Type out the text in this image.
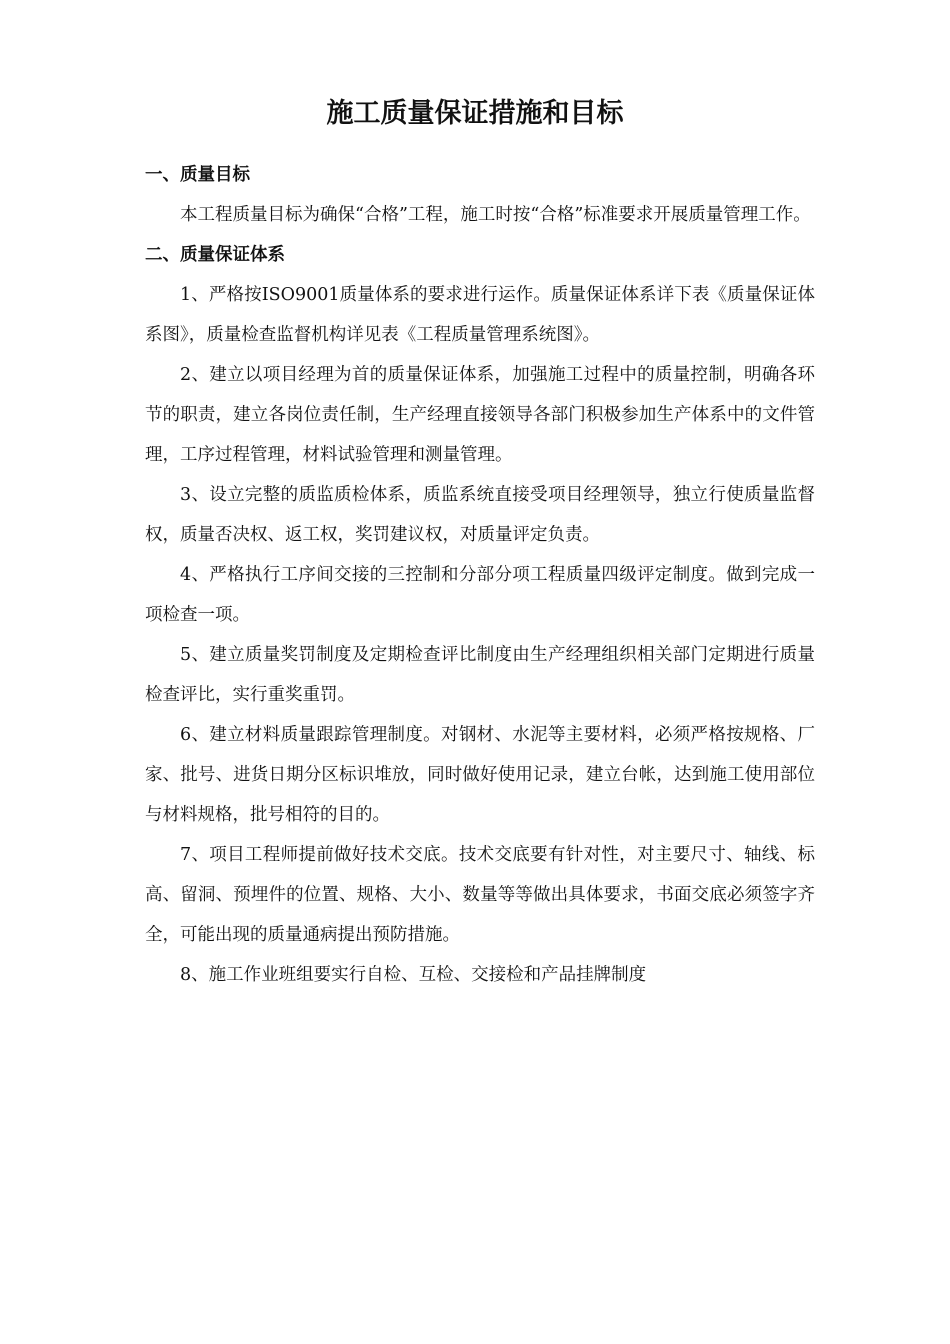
施工质量保证措施和目标
一、质量目标

本工程质量目标为确保“合格”工程，施工时按“合格”标准要求开展质量管理工作。

二、质量保证体系

1、严格按ISO9001质量体系的要求进行运作。质量保证体系详下表《质量保证体系图》，质量检查监督机构详见表《工程质量管理系统图》。

2、建立以项目经理为首的质量保证体系，加强施工过程中的质量控制，明确各环节的职责，建立各岗位责任制，生产经理直接领导各部门积极参加生产体系中的文件管理，工序过程管理，材料试验管理和测量管理。

3、设立完整的质监质检体系，质监系统直接受项目经理领导，独立行使质量监督权，质量否决权、返工权，奖罚建议权，对质量评定负责。

4、严格执行工序间交接的三控制和分部分项工程质量四级评定制度。做到完成一项检查一项。

5、建立质量奖罚制度及定期检查评比制度由生产经理组织相关部门定期进行质量检查评比，实行重奖重罚。

6、建立材料质量跟踪管理制度。对钢材、水泥等主要材料，必须严格按规格、厂家、批号、进货日期分区标识堆放，同时做好使用记录，建立台帐，达到施工使用部位与材料规格，批号相符的目的。

7、项目工程师提前做好技术交底。技术交底要有针对性，对主要尺寸、轴线、标高、留洞、预埋件的位置、规格、大小、数量等等做出具体要求，书面交底必须签字齐全，可能出现的质量通病提出预防措施。

8、施工作业班组要实行自检、互检、交接检和产品挂牌制度
